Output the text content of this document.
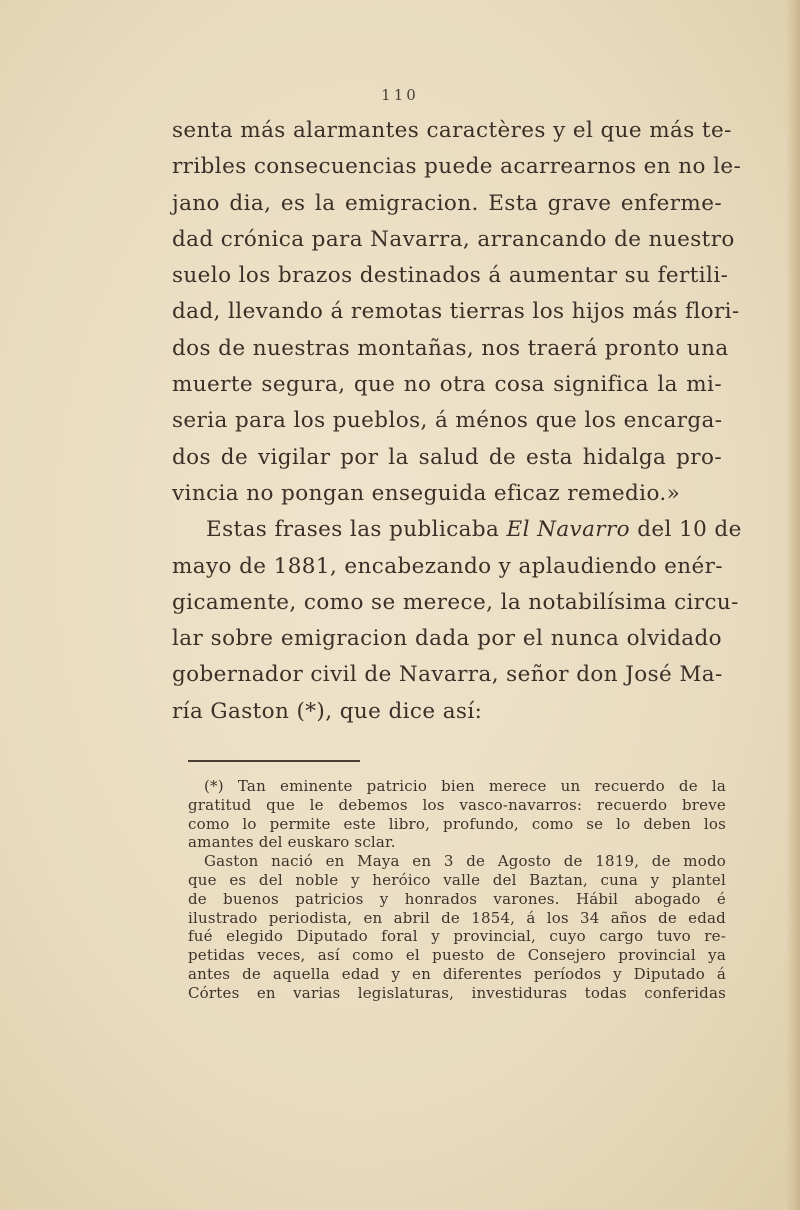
110
senta más alarmantes caractères y el que más te-
rribles consecuencias puede acarrearnos en no le-
jano dia, es la emigracion. Esta grave enferme-
dad crónica para Navarra, arrancando de nuestro
suelo los brazos destinados á aumentar su fertili-
dad, llevando á remotas tierras los hijos más flori-
dos de nuestras montañas, nos traerá pronto una
muerte segura, que no otra cosa significa la mi-
seria para los pueblos, á ménos que los encarga-
dos de vigilar por la salud de esta hidalga pro-
vincia no pongan enseguida eficaz remedio.»
Estas frases las publicaba El Navarro del 10 de
mayo de 1881, encabezando y aplaudiendo enér-
gicamente, como se merece, la notabilísima circu-
lar sobre emigracion dada por el nunca olvidado
gobernador civil de Navarra, señor don José Ma-
ría Gaston (*), que dice así:
(*) Tan eminente patricio bien merece un recuerdo de la
gratitud que le debemos los vasco-navarros: recuerdo breve
como lo permite este libro, profundo, como se lo deben los
amantes del euskaro sclar.
Gaston nació en Maya en 3 de Agosto de 1819, de modo
que es del noble y heróico valle del Baztan, cuna y plantel
de buenos patricios y honrados varones. Hábil abogado é
ilustrado periodista, en abril de 1854, á los 34 años de edad
fué elegido Diputado foral y provincial, cuyo cargo tuvo re-
petidas veces, así como el puesto de Consejero provincial ya
antes de aquella edad y en diferentes períodos y Diputado á
Córtes en varias legislaturas, investiduras todas conferidas
